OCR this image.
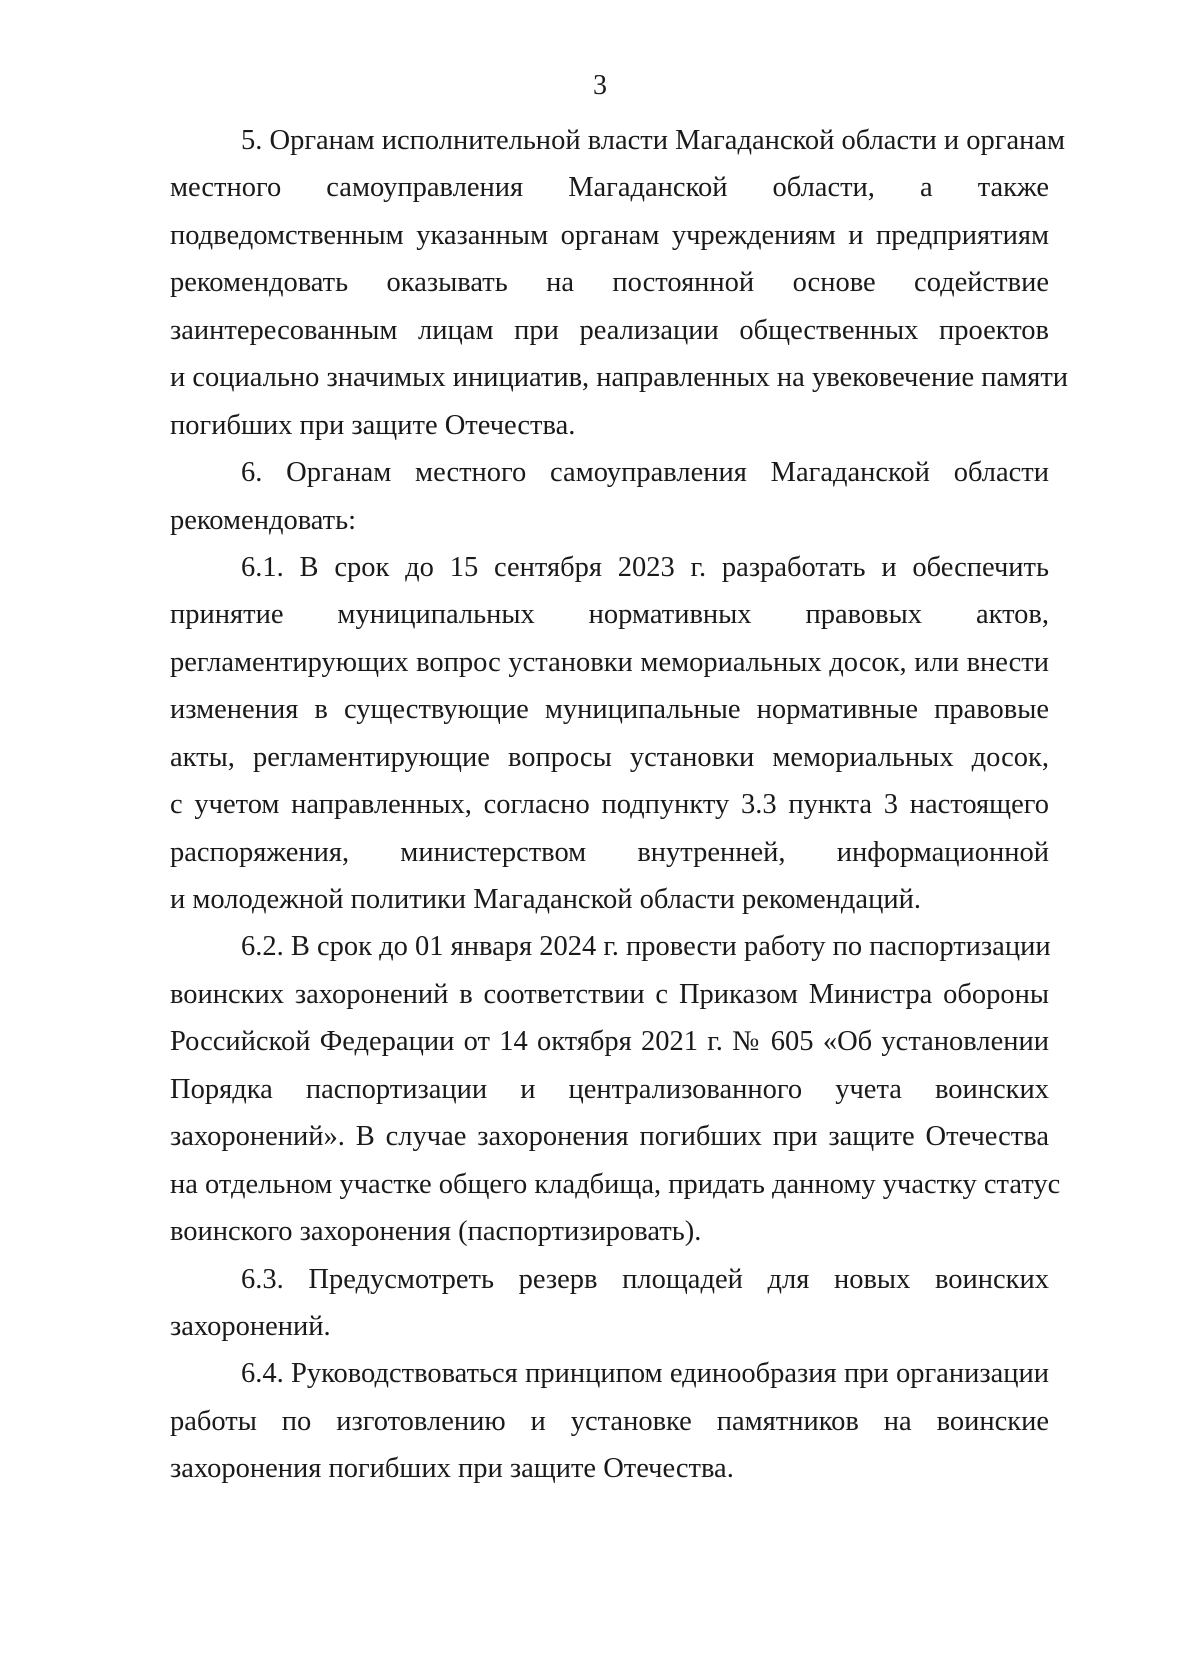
3
5. Органам исполнительной власти Магаданской области и органам
местного самоуправления Магаданской области, а также
подведомственным указанным органам учреждениям и предприятиям
рекомендовать оказывать на постоянной основе содействие
заинтересованным лицам при реализации общественных проектов
и социально значимых инициатив, направленных на увековечение памяти
погибших при защите Отечества.
6. Органам местного самоуправления Магаданской области
рекомендовать:
6.1. В срок до 15 сентября 2023 г. разработать и обеспечить
принятие муниципальных нормативных правовых актов,
регламентирующих вопрос установки мемориальных досок, или внести
изменения в существующие муниципальные нормативные правовые
акты, регламентирующие вопросы установки мемориальных досок,
с учетом направленных, согласно подпункту 3.3 пункта 3 настоящего
распоряжения, министерством внутренней, информационной
и молодежной политики Магаданской области рекомендаций.
6.2. В срок до 01 января 2024 г. провести работу по паспортизации
воинских захоронений в соответствии с Приказом Министра обороны
Российской Федерации от 14 октября 2021 г. № 605 «Об установлении
Порядка паспортизации и централизованного учета воинских
захоронений». В случае захоронения погибших при защите Отечества
на отдельном участке общего кладбища, придать данному участку статус
воинского захоронения (паспортизировать).
6.3. Предусмотреть резерв площадей для новых воинских
захоронений.
6.4. Руководствоваться принципом единообразия при организации
работы по изготовлению и установке памятников на воинские
захоронения погибших при защите Отечества.
